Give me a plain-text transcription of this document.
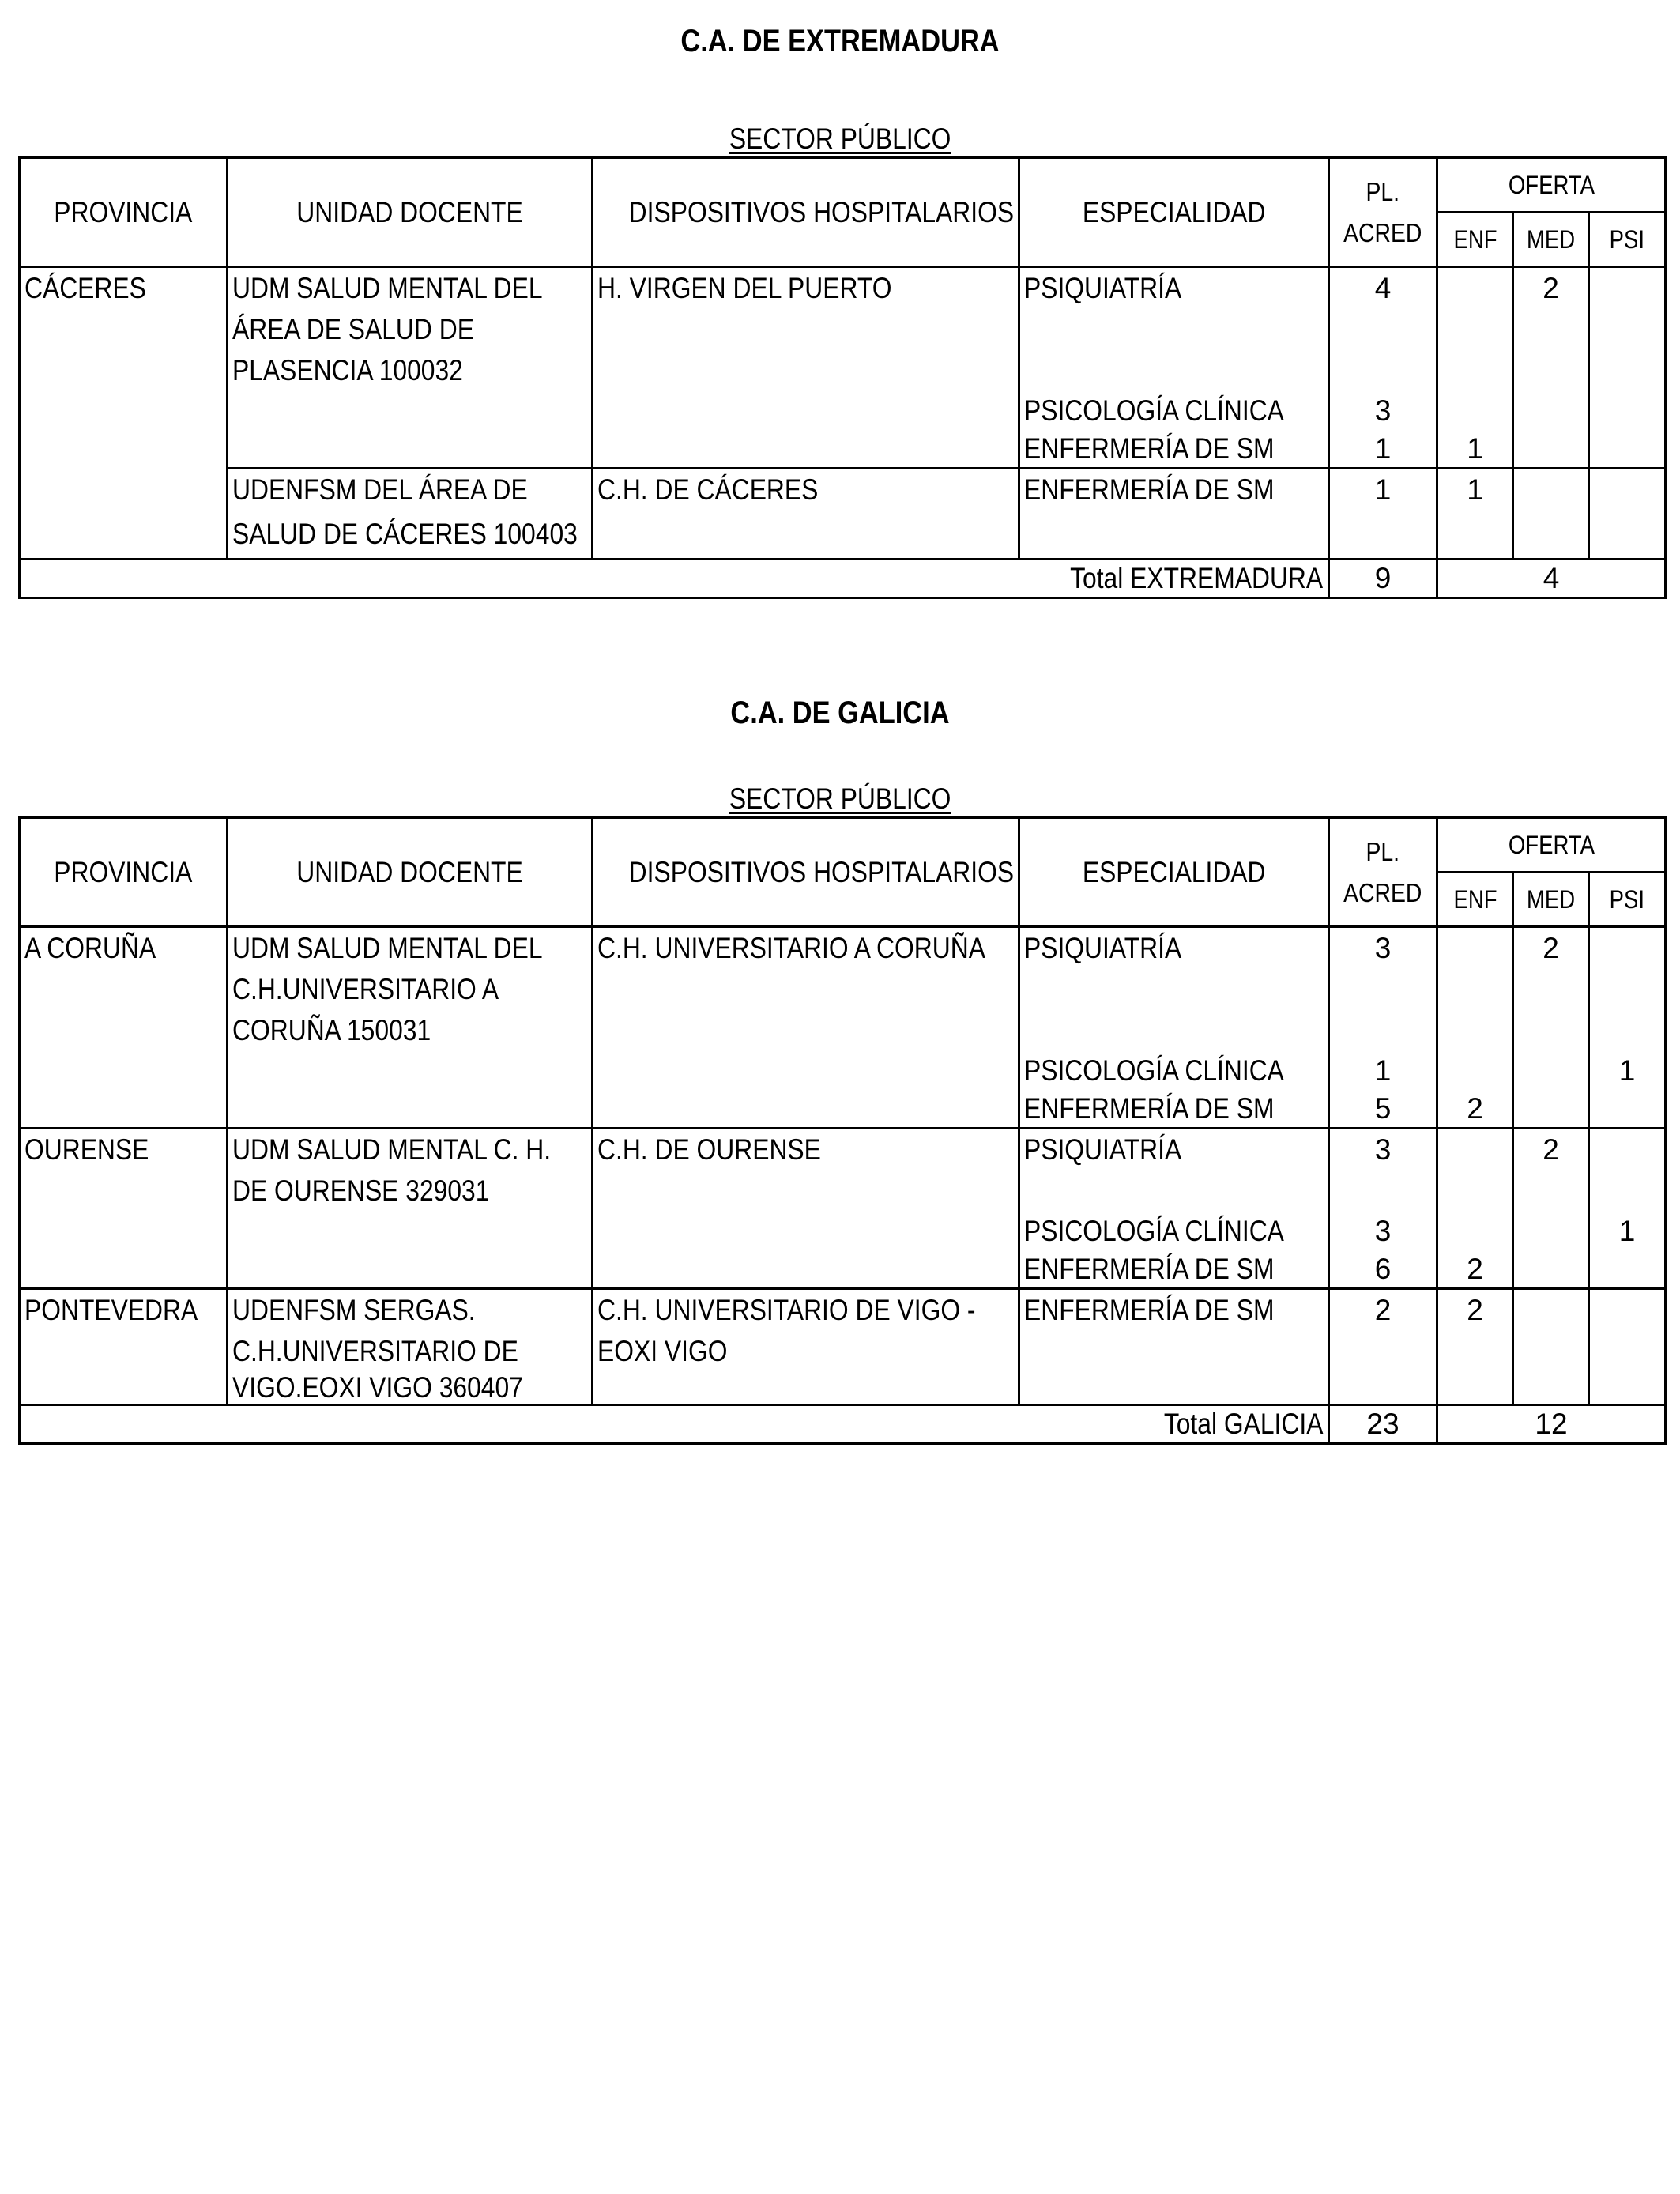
C.A. DE EXTREMADURA
SECTOR PÚBLICO
PROVINCIA	UNIDAD DOCENTE	DISPOSITIVOS HOSPITALARIOS	ESPECIALIDAD	PL.
ACRED	OFERTA		
					ENF	MED	PSI
CÁCERES	UDM SALUD MENTAL DEL	H. VIRGEN DEL PUERTO	PSIQUIATRÍA	4		2	
	ÁREA DE SALUD DE						
	PLASENCIA 100032						
			PSICOLOGÍA CLÍNICA	3			
			ENFERMERÍA DE SM	1	1		
	UDENFSM DEL ÁREA DE	C.H. DE CÁCERES	ENFERMERÍA DE SM	1	1		
	SALUD DE CÁCERES 100403						
Total EXTREMADURA				9	4		
C.A. DE GALICIA
SECTOR PÚBLICO
PROVINCIA	UNIDAD DOCENTE	DISPOSITIVOS HOSPITALARIOS	ESPECIALIDAD	PL.
ACRED	OFERTA		
					ENF	MED	PSI
A CORUÑA	UDM SALUD MENTAL DEL	C.H. UNIVERSITARIO A CORUÑA	PSIQUIATRÍA	3		2	
	C.H.UNIVERSITARIO A						
	CORUÑA 150031						
			PSICOLOGÍA CLÍNICA	1			1
			ENFERMERÍA DE SM	5	2		
OURENSE	UDM SALUD MENTAL C. H.	C.H. DE OURENSE	PSIQUIATRÍA	3		2	
	DE OURENSE 329031						
			PSICOLOGÍA CLÍNICA	3			1
			ENFERMERÍA DE SM	6	2		
PONTEVEDRA	UDENFSM SERGAS.	C.H. UNIVERSITARIO DE VIGO -	ENFERMERÍA DE SM	2	2		
	C.H.UNIVERSITARIO DE	EOXI VIGO					
	VIGO.EOXI VIGO 360407						
Total GALICIA				23	12		
